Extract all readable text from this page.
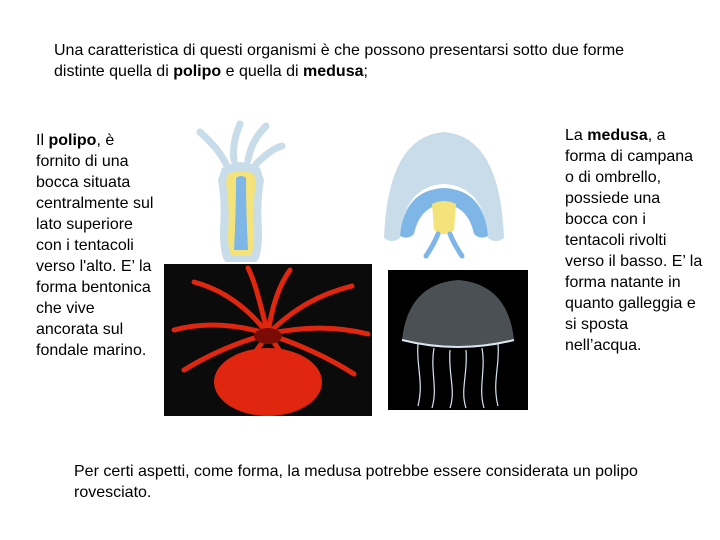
Una caratteristica di questi organismi è che possono presentarsi sotto due forme distinte quella di polipo e quella di medusa;

Il polipo, è fornito di una bocca situata centralmente sul lato superiore con i tentacoli verso l'alto. E’ la forma bentonica che vive ancorata sul fondale marino.

La medusa, a forma di campana o di ombrello, possiede una bocca con i tentacoli rivolti verso il basso. E’ la forma natante in quanto galleggia e si sposta nell’acqua.

Per certi aspetti, come forma, la medusa potrebbe essere considerata un polipo rovesciato.
